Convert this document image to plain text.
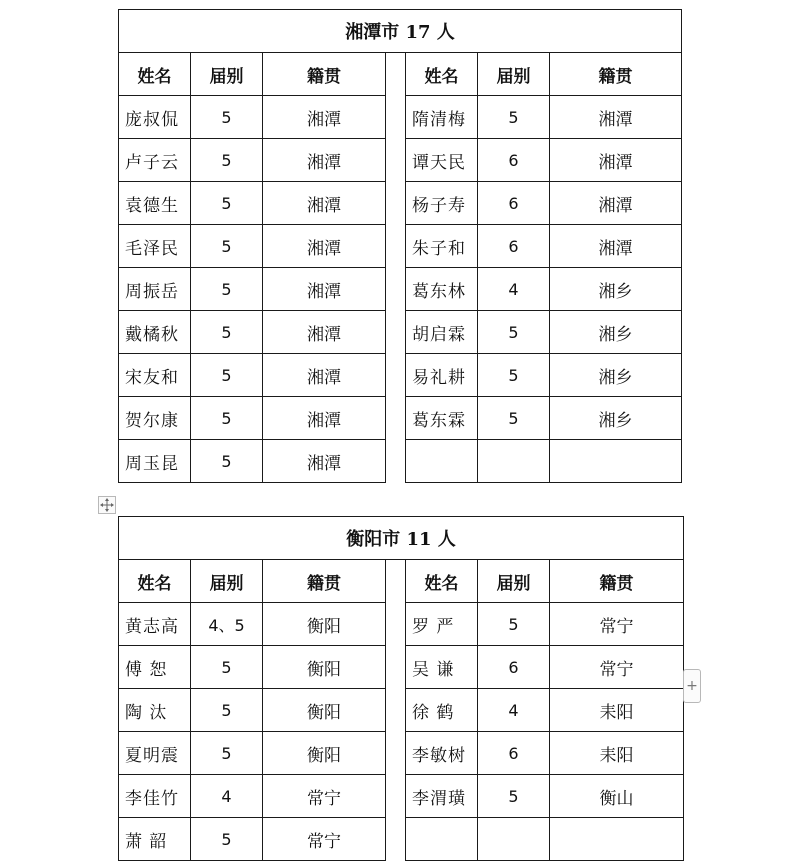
湘潭市 17 人						
姓名	届别	籍贯		姓名	届别	籍贯
庞叔侃	5	湘潭		隋清梅	5	湘潭
卢子云	5	湘潭		谭天民	6	湘潭
袁德生	5	湘潭		杨子寿	6	湘潭
毛泽民	5	湘潭		朱子和	6	湘潭
周振岳	5	湘潭		葛东林	4	湘乡
戴橘秋	5	湘潭		胡启霖	5	湘乡
宋友和	5	湘潭		易礼耕	5	湘乡
贺尔康	5	湘潭		葛东霖	5	湘乡
周玉昆	5	湘潭				
衡阳市 11 人						
姓名	届别	籍贯		姓名	届别	籍贯
黄志高	4、5	衡阳		罗 严	5	常宁
傅 恕	5	衡阳		吴 谦	6	常宁
陶 汰	5	衡阳		徐 鹤	4	耒阳
夏明震	5	衡阳		李敏树	6	耒阳
李佳竹	4	常宁		李渭璜	5	衡山
萧 韶	5	常宁				
+
